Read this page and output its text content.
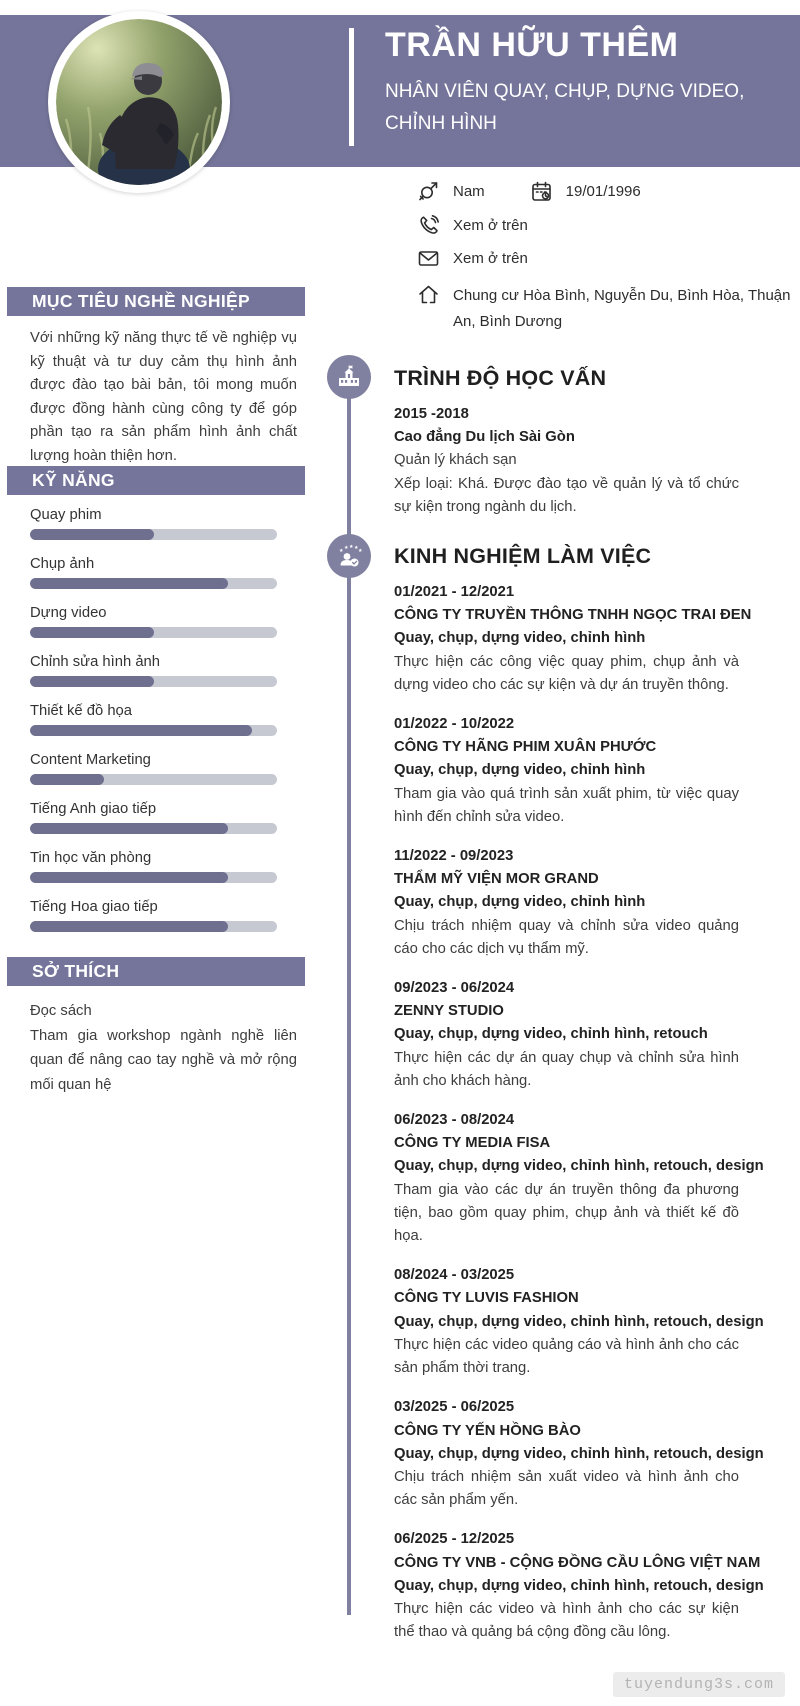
TRẦN HỮU THÊM
NHÂN VIÊN QUAY, CHỤP, DỰNG VIDEO, CHỈNH HÌNH
Nam	19/01/1996
Xem ở trên
Xem ở trên
Chung cư Hòa Bình, Nguyễn Du, Bình Hòa, Thuận An, Bình Dương
MỤC TIÊU NGHỀ NGHIỆP

Với những kỹ năng thực tế về nghiệp vụ kỹ thuật và tư duy cảm thụ hình ảnh được đào tạo bài bản, tôi mong muốn được đồng hành cùng công ty để góp phần tạo ra sản phẩm hình ảnh chất lượng hoàn thiện hơn.

KỸ NĂNG
Quay phim
Chụp ảnh
Dựng video
Chỉnh sửa hình ảnh
Thiết kế đồ họa
Content Marketing
Tiếng Anh giao tiếp
Tin học văn phòng
Tiếng Hoa giao tiếp
SỞ THÍCH

Đọc sách

Tham gia workshop ngành nghề liên quan để nâng cao tay nghề và mở rộng mối quan hệ

★ ★ ★ ★ ★
TRÌNH ĐỘ HỌC VẤN
2015 -2018
Cao đẳng Du lịch Sài Gòn
Quản lý khách sạn
Xếp loại: Khá. Được đào tạo về quản lý và tổ chức sự kiện trong ngành du lịch.
KINH NGHIỆM LÀM VIỆC
01/2021 - 12/2021
CÔNG TY TRUYỀN THÔNG TNHH NGỌC TRAI ĐEN
Quay, chụp, dựng video, chỉnh hình
Thực hiện các công việc quay phim, chụp ảnh và dựng video cho các sự kiện và dự án truyền thông.
01/2022 - 10/2022
CÔNG TY HÃNG PHIM XUÂN PHƯỚC
Quay, chụp, dựng video, chỉnh hình
Tham gia vào quá trình sản xuất phim, từ việc quay hình đến chỉnh sửa video.
11/2022 - 09/2023
THẨM MỸ VIỆN MOR GRAND
Quay, chụp, dựng video, chỉnh hình
Chịu trách nhiệm quay và chỉnh sửa video quảng cáo cho các dịch vụ thẩm mỹ.
09/2023 - 06/2024
ZENNY STUDIO
Quay, chụp, dựng video, chỉnh hình, retouch
Thực hiện các dự án quay chụp và chỉnh sửa hình ảnh cho khách hàng.
06/2023 - 08/2024
CÔNG TY MEDIA FISA
Quay, chụp, dựng video, chỉnh hình, retouch, design
Tham gia vào các dự án truyền thông đa phương tiện, bao gồm quay phim, chụp ảnh và thiết kế đồ họa.
08/2024 - 03/2025
CÔNG TY LUVIS FASHION
Quay, chụp, dựng video, chỉnh hình, retouch, design
Thực hiện các video quảng cáo và hình ảnh cho các sản phẩm thời trang.
03/2025 - 06/2025
CÔNG TY YẾN HỒNG BÀO
Quay, chụp, dựng video, chỉnh hình, retouch, design
Chịu trách nhiệm sản xuất video và hình ảnh cho các sản phẩm yến.
06/2025 - 12/2025
CÔNG TY VNB - CỘNG ĐỒNG CẦU LÔNG VIỆT NAM
Quay, chụp, dựng video, chỉnh hình, retouch, design
Thực hiện các video và hình ảnh cho các sự kiện thể thao và quảng bá cộng đồng cầu lông.
tuyendung3s.com
